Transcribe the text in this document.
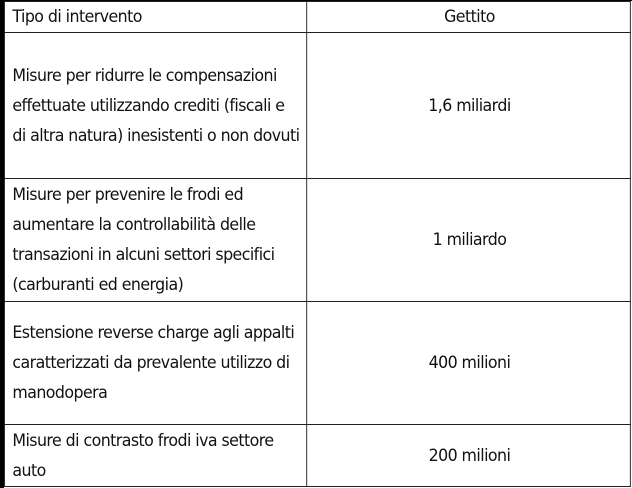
Tipo di intervento	Gettito
Misure per ridurre le compensazioni effettuate utilizzando crediti (fiscali e di altra natura) inesistenti o non dovuti	1,6 miliardi
Misure per prevenire le frodi ed aumentare la controllabilità delle transazioni in alcuni settori specifici (carburanti ed energia)	1 miliardo
Estensione reverse charge agli appalti caratterizzati da prevalente utilizzo di manodopera	400 milioni
Misure di contrasto frodi iva settore auto	200 milioni
